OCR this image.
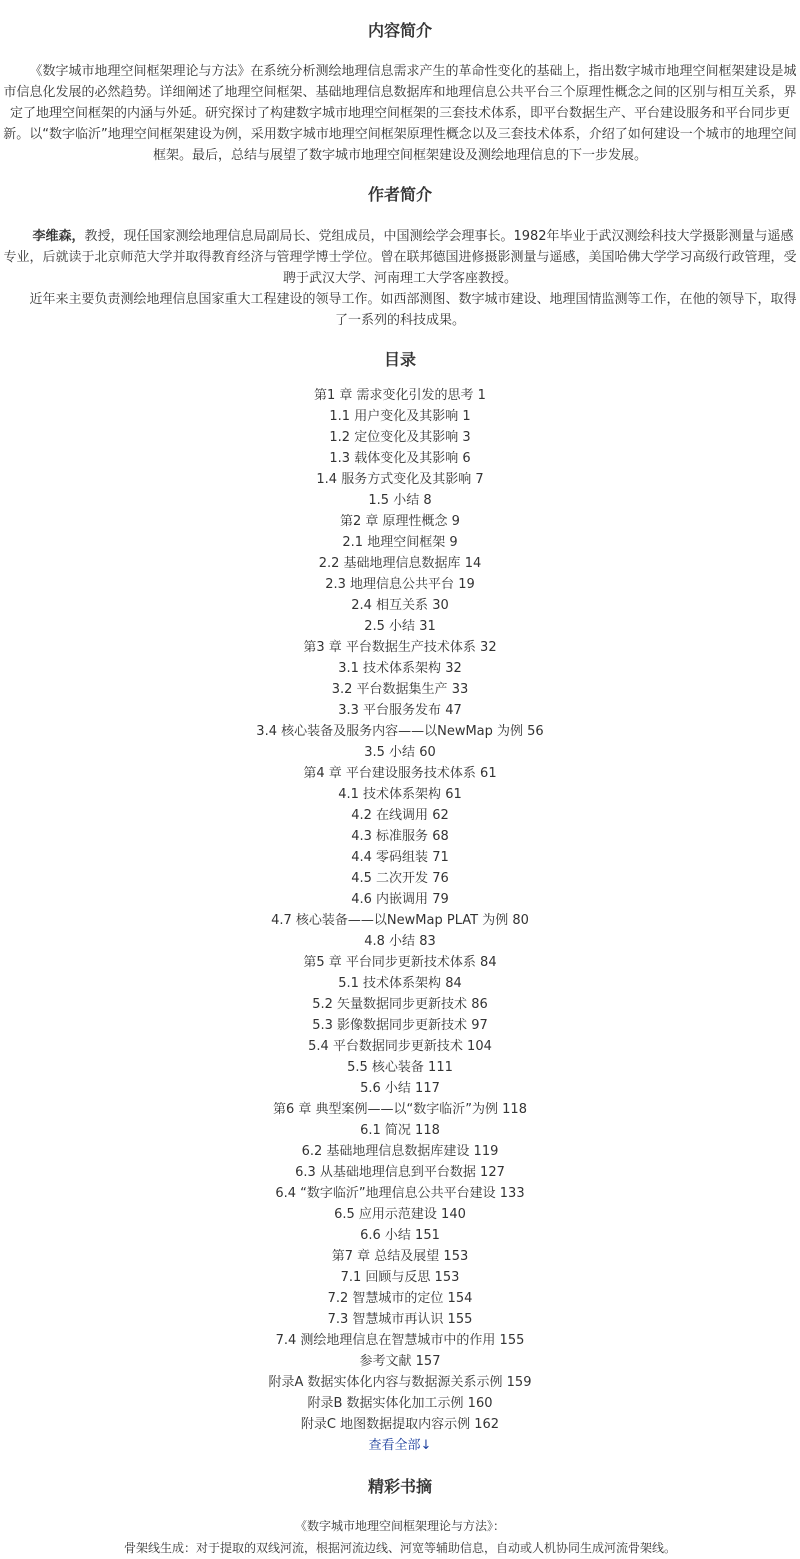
内容简介

《数字城市地理空间框架理论与方法》在系统分析测绘地理信息需求产生的革命性变化的基础上，指出数字城市地理空间框架建设是城市信息化发展的必然趋势。详细阐述了地理空间框架、基础地理信息数据库和地理信息公共平台三个原理性概念之间的区别与相互关系，界定了地理空间框架的内涵与外延。研究探讨了构建数字城市地理空间框架的三套技术体系，即平台数据生产、平台建设服务和平台同步更新。以“数字临沂”地理空间框架建设为例，采用数字城市地理空间框架原理性概念以及三套技术体系，介绍了如何建设一个城市的地理空间框架。最后，总结与展望了数字城市地理空间框架建设及测绘地理信息的下一步发展。

作者简介

李维森，教授，现任国家测绘地理信息局副局长、党组成员，中国测绘学会理事长。1982年毕业于武汉测绘科技大学摄影测量与遥感专业，后就读于北京师范大学并取得教育经济与管理学博士学位。曾在联邦德国进修摄影测量与遥感，美国哈佛大学学习高级行政管理，受聘于武汉大学、河南理工大学客座教授。

近年来主要负责测绘地理信息国家重大工程建设的领导工作。如西部测图、数字城市建设、地理国情监测等工作，在他的领导下，取得了一系列的科技成果。

目录
第1 章 需求变化引发的思考 1
1.1 用户变化及其影响 1
1.2 定位变化及其影响 3
1.3 载体变化及其影响 6
1.4 服务方式变化及其影响 7
1.5 小结 8
第2 章 原理性概念 9
2.1 地理空间框架 9
2.2 基础地理信息数据库 14
2.3 地理信息公共平台 19
2.4 相互关系 30
2.5 小结 31
第3 章 平台数据生产技术体系 32
3.1 技术体系架构 32
3.2 平台数据集生产 33
3.3 平台服务发布 47
3.4 核心装备及服务内容——以NewMap 为例 56
3.5 小结 60
第4 章 平台建设服务技术体系 61
4.1 技术体系架构 61
4.2 在线调用 62
4.3 标准服务 68
4.4 零码组装 71
4.5 二次开发 76
4.6 内嵌调用 79
4.7 核心装备——以NewMap PLAT 为例 80
4.8 小结 83
第5 章 平台同步更新技术体系 84
5.1 技术体系架构 84
5.2 矢量数据同步更新技术 86
5.3 影像数据同步更新技术 97
5.4 平台数据同步更新技术 104
5.5 核心装备 111
5.6 小结 117
第6 章 典型案例——以“数字临沂”为例 118
6.1 简况 118
6.2 基础地理信息数据库建设 119
6.3 从基础地理信息到平台数据 127
6.4 “数字临沂”地理信息公共平台建设 133
6.5 应用示范建设 140
6.6 小结 151
第7 章 总结及展望 153
7.1 回顾与反思 153
7.2 智慧城市的定位 154
7.3 智慧城市再认识 155
7.4 测绘地理信息在智慧城市中的作用 155
参考文献 157
附录A 数据实体化内容与数据源关系示例 159
附录B 数据实体化加工示例 160
附录C 地图数据提取内容示例 162
查看全部↓
精彩书摘

《数字城市地理空间框架理论与方法》：

骨架线生成：对于提取的双线河流，根据河流边线、河宽等辅助信息，自动或人机协同生成河流骨架线。
